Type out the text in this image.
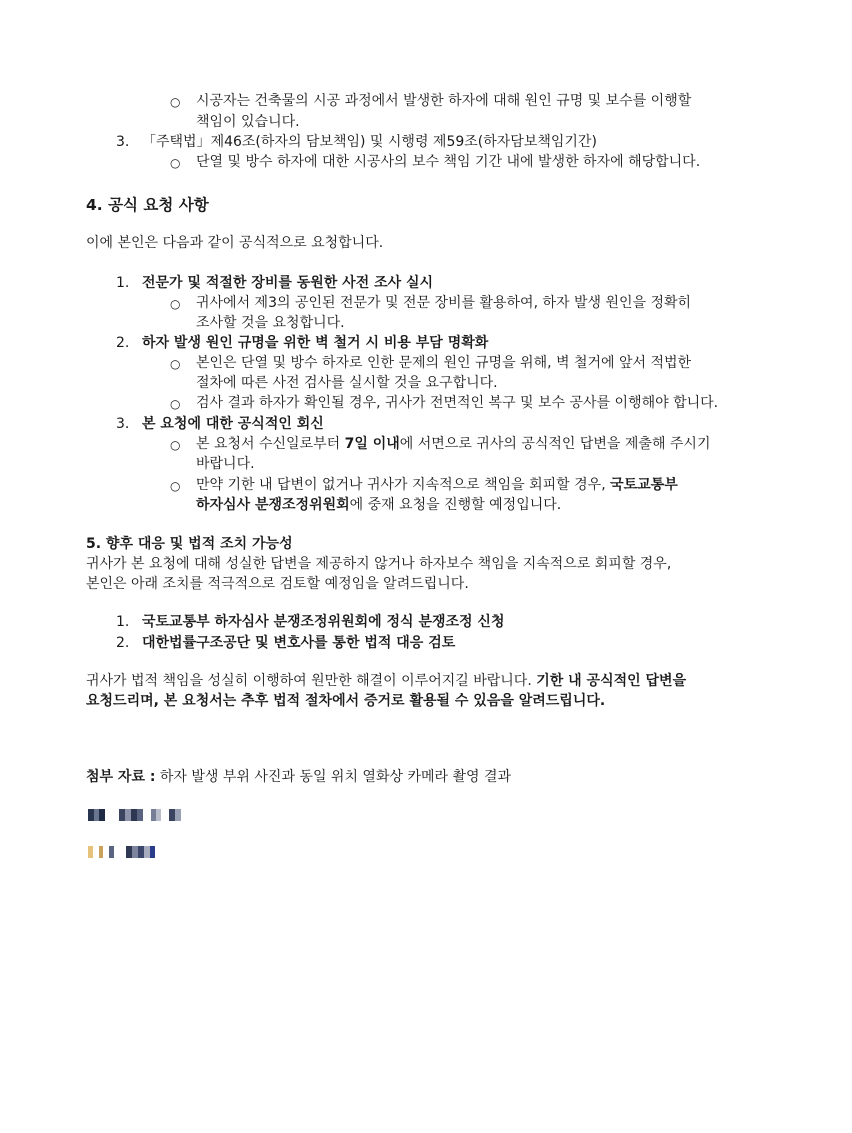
○ 시공자는 건축물의 시공 과정에서 발생한 하자에 대해 원인 규명 및 보수를 이행할
책임이 있습니다.
3. 「주택법」제46조(하자의 담보책임) 및 시행령 제59조(하자담보책임기간)
○ 단열 및 방수 하자에 대한 시공사의 보수 책임 기간 내에 발생한 하자에 해당합니다.
4. 공식 요청 사항
이에 본인은 다음과 같이 공식적으로 요청합니다.
1. 전문가 및 적절한 장비를 동원한 사전 조사 실시
○ 귀사에서 제3의 공인된 전문가 및 전문 장비를 활용하여, 하자 발생 원인을 정확히
조사할 것을 요청합니다.
2. 하자 발생 원인 규명을 위한 벽 철거 시 비용 부담 명확화
○ 본인은 단열 및 방수 하자로 인한 문제의 원인 규명을 위해, 벽 철거에 앞서 적법한
절차에 따른 사전 검사를 실시할 것을 요구합니다.
○ 검사 결과 하자가 확인될 경우, 귀사가 전면적인 복구 및 보수 공사를 이행해야 합니다.
3. 본 요청에 대한 공식적인 회신
○ 본 요청서 수신일로부터 7일 이내에 서면으로 귀사의 공식적인 답변을 제출해 주시기
바랍니다.
○ 만약 기한 내 답변이 없거나 귀사가 지속적으로 책임을 회피할 경우, 국토교통부
하자심사 분쟁조정위원회에 중재 요청을 진행할 예정입니다.
5. 향후 대응 및 법적 조치 가능성
귀사가 본 요청에 대해 성실한 답변을 제공하지 않거나 하자보수 책임을 지속적으로 회피할 경우,
본인은 아래 조치를 적극적으로 검토할 예정임을 알려드립니다.
1. 국토교통부 하자심사 분쟁조정위원회에 정식 분쟁조정 신청
2. 대한법률구조공단 및 변호사를 통한 법적 대응 검토
귀사가 법적 책임을 성실히 이행하여 원만한 해결이 이루어지길 바랍니다. 기한 내 공식적인 답변을
요청드리며, 본 요청서는 추후 법적 절차에서 증거로 활용될 수 있음을 알려드립니다.
첨부 자료 : 하자 발생 부위 사진과 동일 위치 열화상 카메라 촬영 결과
